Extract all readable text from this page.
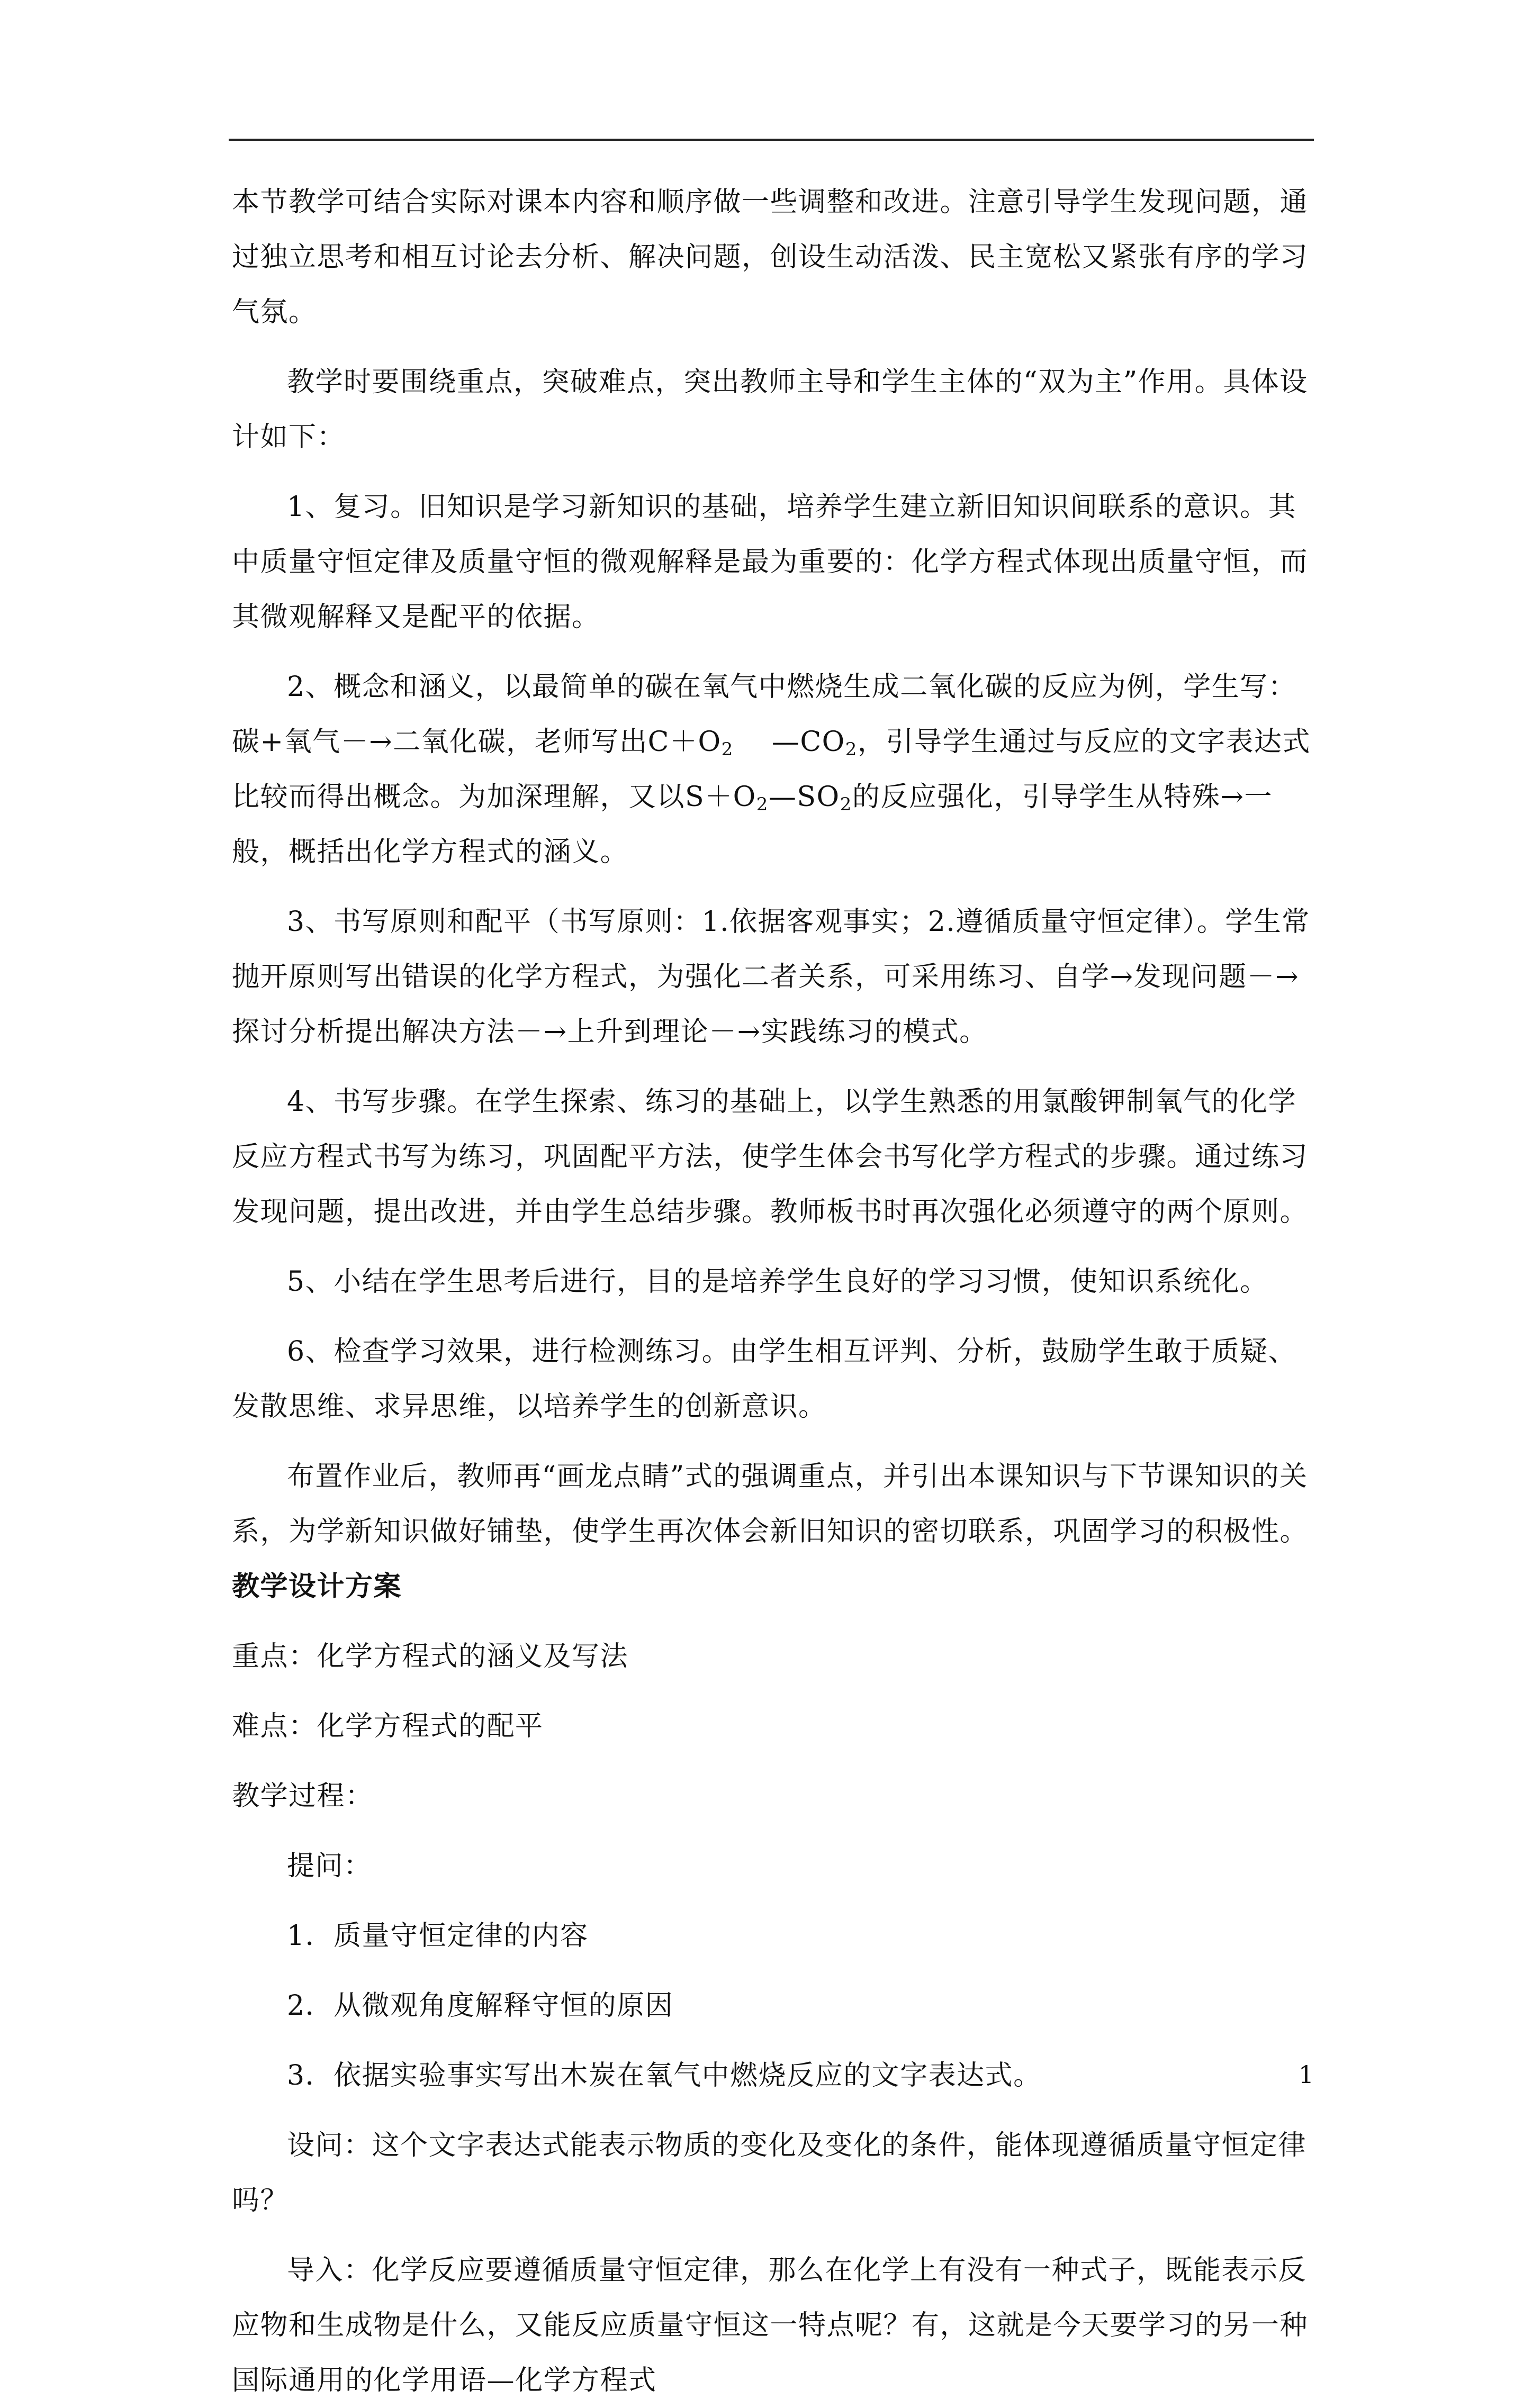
本节教学可结合实际对课本内容和顺序做一些调整和改进。注意引导学生发现问题，通过独立思考和相互讨论去分析、解决问题，创设生动活泼、民主宽松又紧张有序的学习气氛。

教学时要围绕重点，突破难点，突出教师主导和学生主体的“双为主”作用。具体设计如下：

1、复习。旧知识是学习新知识的基础，培养学生建立新旧知识间联系的意识。其中质量守恒定律及质量守恒的微观解释是最为重要的：化学方程式体现出质量守恒，而其微观解释又是配平的依据。

2、概念和涵义，以最简单的碳在氧气中燃烧生成二氧化碳的反应为例，学生写：碳+氧气－→二氧化碳，老师写出$C+O_2$ $—CO_2$，引导学生通过与反应的文字表达式比较而得出概念。为加深理解，又以$S+O_2—SO_2$的反应强化，引导学生从特殊→一般，概括出化学方程式的涵义。

3、书写原则和配平（书写原则：1.依据客观事实；2.遵循质量守恒定律）。学生常抛开原则写出错误的化学方程式，为强化二者关系，可采用练习、自学→发现问题－→探讨分析提出解决方法－→上升到理论－→实践练习的模式。

4、书写步骤。在学生探索、练习的基础上，以学生熟悉的用氯酸钾制氧气的化学反应方程式书写为练习，巩固配平方法，使学生体会书写化学方程式的步骤。通过练习发现问题，提出改进，并由学生总结步骤。教师板书时再次强化必须遵守的两个原则。

5、小结在学生思考后进行，目的是培养学生良好的学习习惯，使知识系统化。

6、检查学习效果，进行检测练习。由学生相互评判、分析，鼓励学生敢于质疑、发散思维、求异思维，以培养学生的创新意识。

布置作业后，教师再“画龙点睛”式的强调重点，并引出本课知识与下节课知识的关系，为学新知识做好铺垫，使学生再次体会新旧知识的密切联系，巩固学习的积极性。

教学设计方案

重点：化学方程式的涵义及写法

难点：化学方程式的配平

教学过程：

提问：

1．质量守恒定律的内容

2．从微观角度解释守恒的原因

3．依据实验事实写出木炭在氧气中燃烧反应的文字表达式。

设问：这个文字表达式能表示物质的变化及变化的条件，能体现遵循质量守恒定律吗？

导入：化学反应要遵循质量守恒定律，那么在化学上有没有一种式子，既能表示反应物和生成物是什么，又能反应质量守恒这一特点呢？有，这就是今天要学习的另一种国际通用的化学用语—化学方程式

1
